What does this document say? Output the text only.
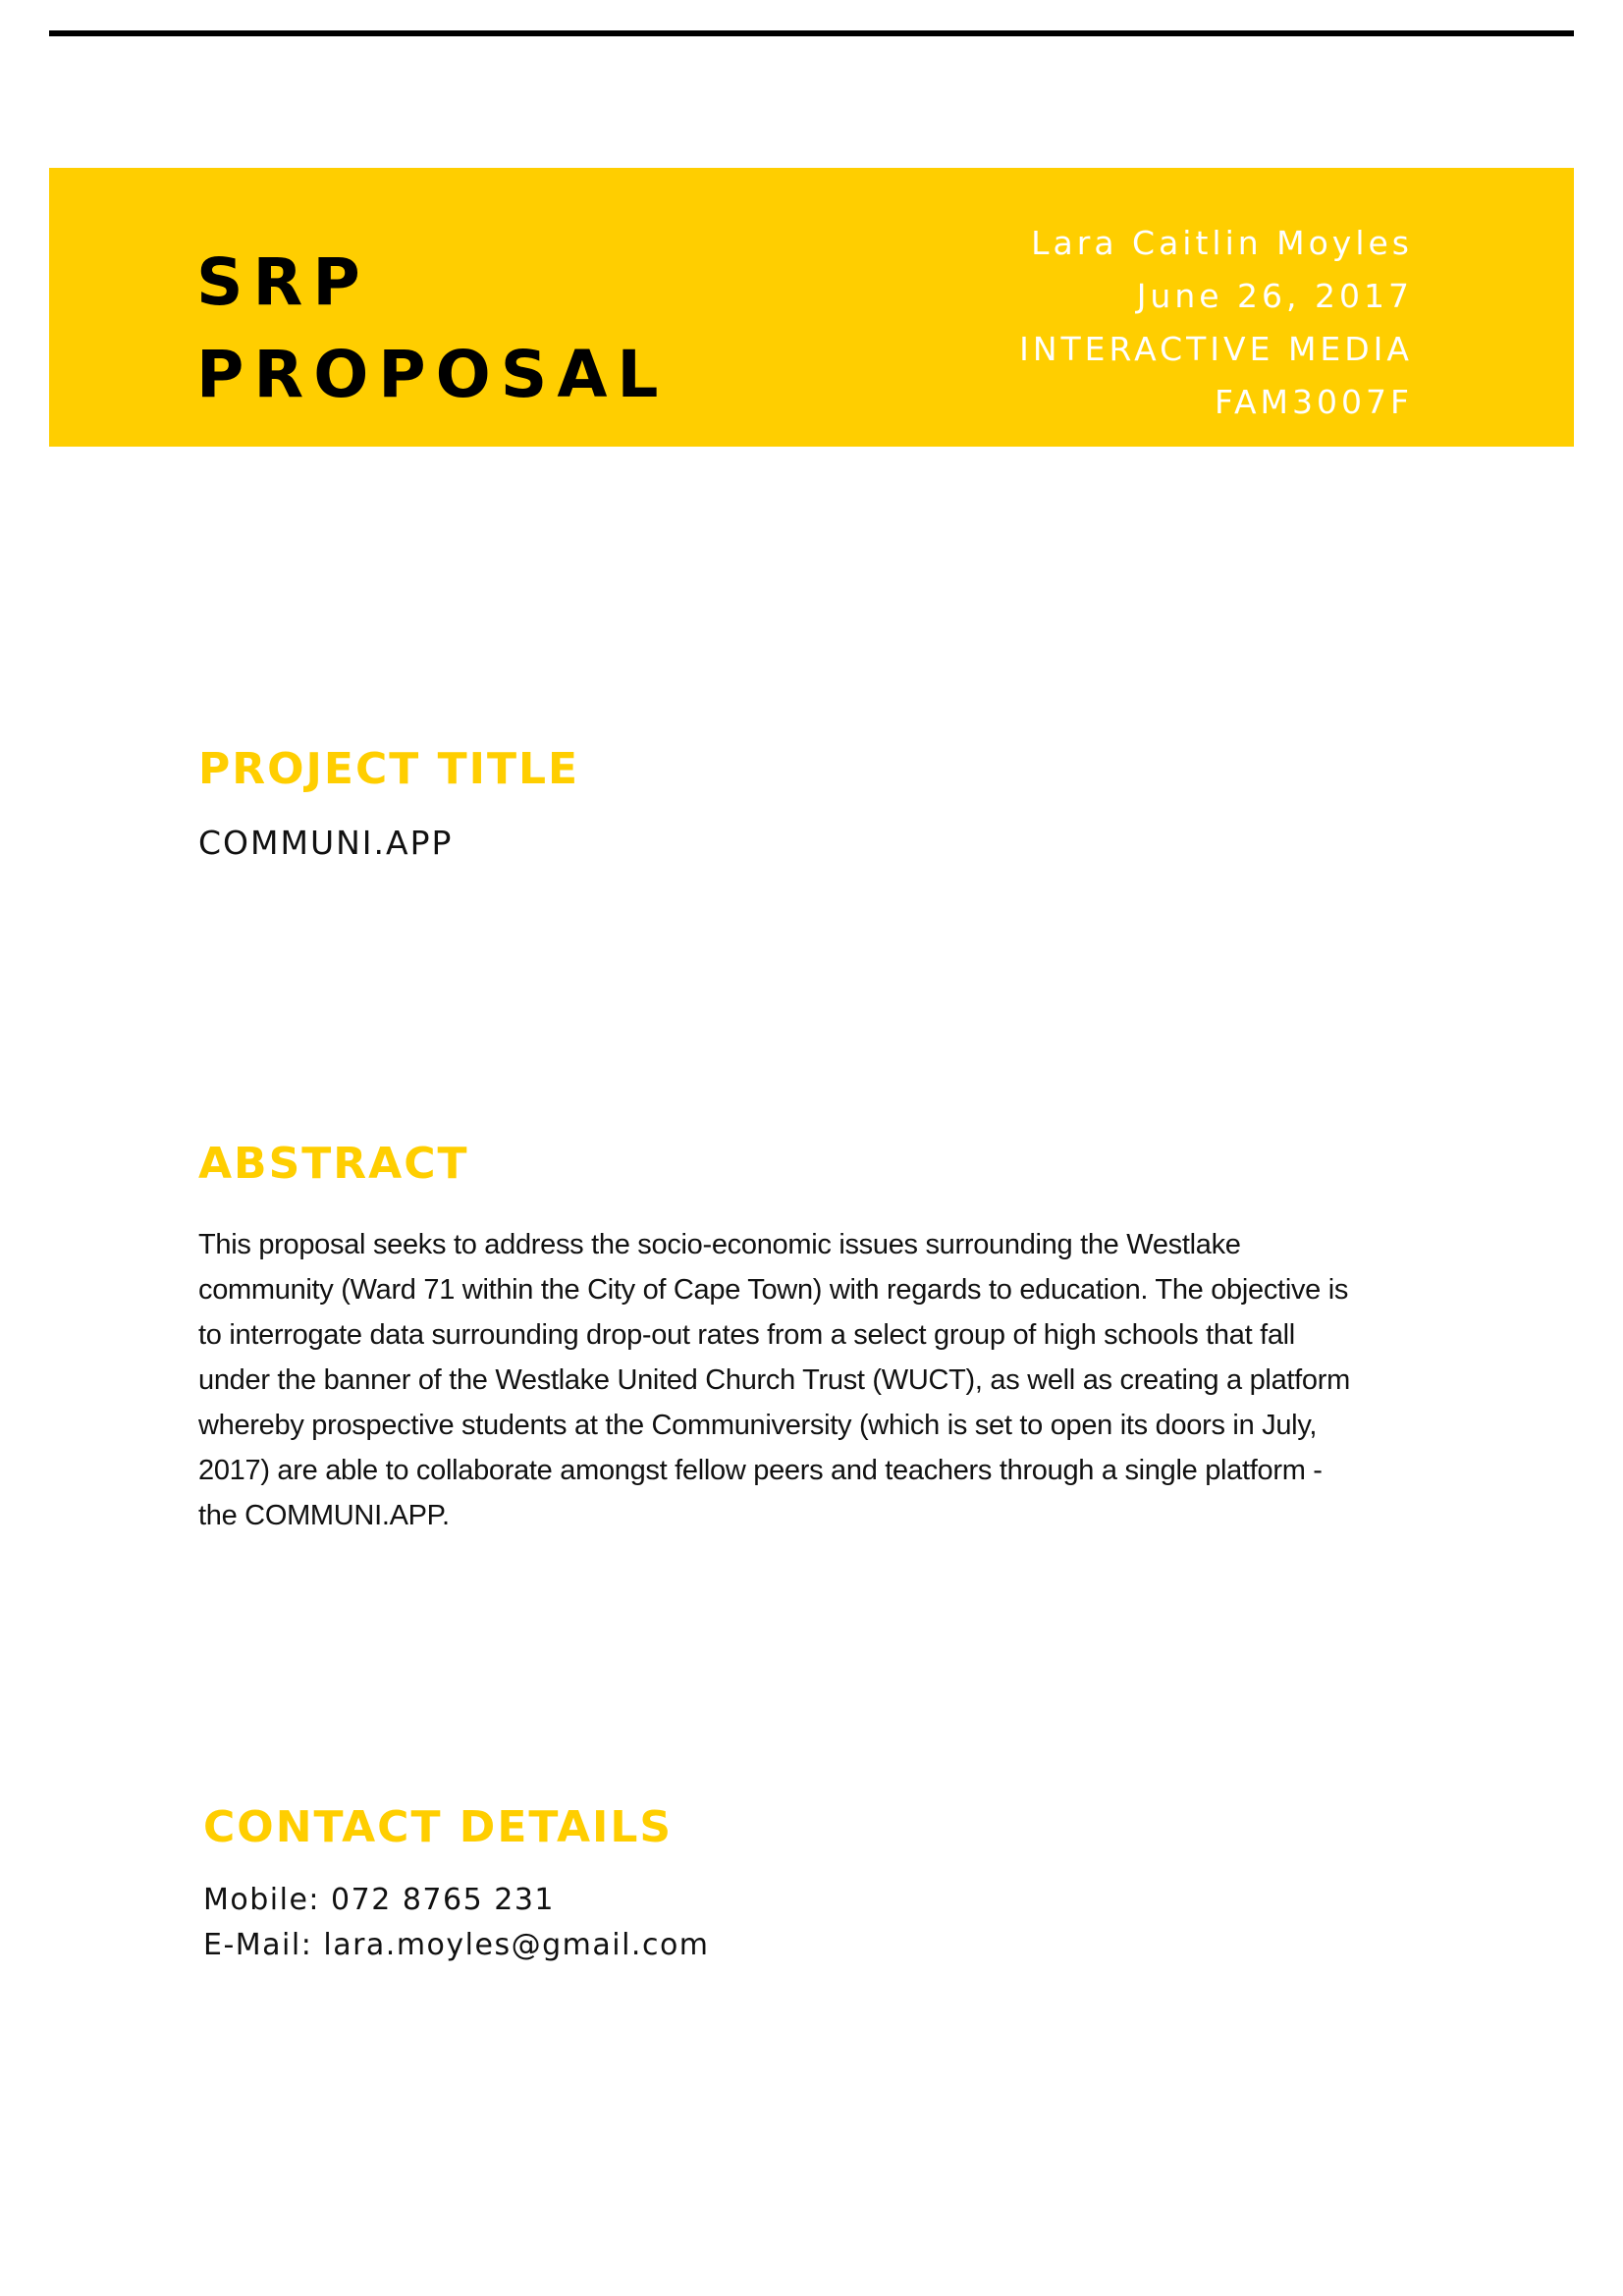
SRP
PROPOSAL
Lara Caitlin Moyles
June 26, 2017
INTERACTIVE MEDIA
FAM3007F
PROJECT TITLE
COMMUNI.APP
ABSTRACT

This proposal seeks to address the socio-economic issues surrounding the Westlake community (Ward 71 within the City of Cape Town) with regards to education. The objective is to interrogate data surrounding drop-out rates from a select group of high schools that fall under the banner of the Westlake United Church Trust (WUCT), as well as creating a platform whereby prospective students at the Communiversity (which is set to open its doors in July, 2017) are able to collaborate amongst fellow peers and teachers through a single platform - the COMMUNI.APP.

CONTACT DETAILS
Mobile: 072 8765 231
E-Mail: lara.moyles@gmail.com
